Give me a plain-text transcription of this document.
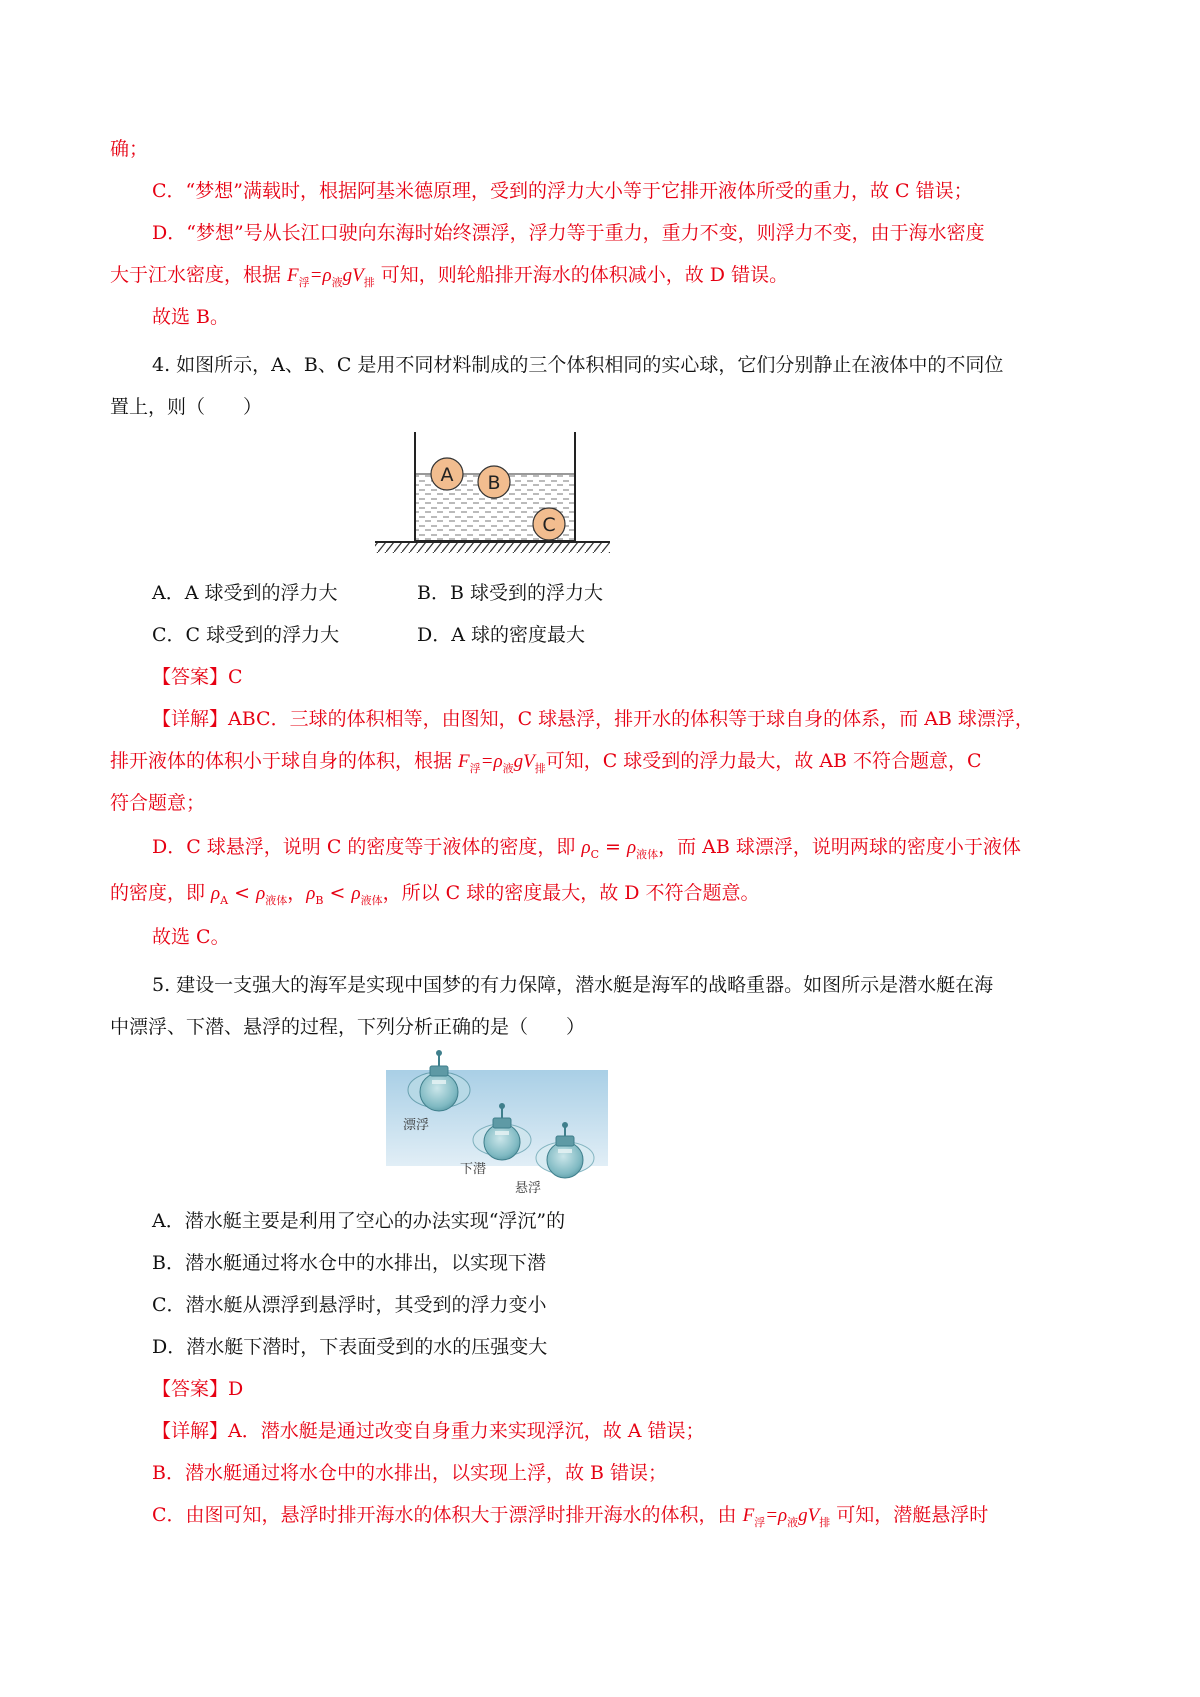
确；
C．“梦想”满载时，根据阿基米德原理，受到的浮力大小等于它排开液体所受的重力，故 C 错误；
D．“梦想”号从长江口驶向东海时始终漂浮，浮力等于重力，重力不变，则浮力不变，由于海水密度
大于江水密度，根据 $F_浮=\rho_液gV_排$ 可知，则轮船排开海水的体积减小，故 D 错误。
故选 B。
4. 如图所示，A、B、C 是用不同材料制成的三个体积相同的实心球，它们分别静止在液体中的不同位
置上，则（　　）
A B
C
A．A 球受到的浮力大	B．B 球受到的浮力大
C．C 球受到的浮力大	D．A 球的密度最大
【答案】C
【详解】ABC．三球的体积相等，由图知，C 球悬浮，排开水的体积等于球自身的体系，而 AB 球漂浮，
排开液体的体积小于球自身的体积，根据 $F_浮=\rho_液gV_排$可知，C 球受到的浮力最大，故 AB 不符合题意，C
符合题意；
D．C 球悬浮，说明 C 的密度等于液体的密度，即 $\rho_C = \rho_{液体}$，而 AB 球漂浮，说明两球的密度小于液体
的密度，即 $\rho_A < \rho_{液体}$，$\rho_B < \rho_{液体}$，所以 C 球的密度最大，故 D 不符合题意。
故选 C。
5. 建设一支强大的海军是实现中国梦的有力保障，潜水艇是海军的战略重器。如图所示是潜水艇在海
中漂浮、下潜、悬浮的过程，下列分析正确的是（　　）
漂浮
下潜
悬浮
A．潜水艇主要是利用了空心的办法实现“浮沉”的
B．潜水艇通过将水仓中的水排出，以实现下潜
C．潜水艇从漂浮到悬浮时，其受到的浮力变小
D．潜水艇下潜时，下表面受到的水的压强变大
【答案】D
【详解】A．潜水艇是通过改变自身重力来实现浮沉，故 A 错误；
B．潜水艇通过将水仓中的水排出，以实现上浮，故 B 错误；
C．由图可知，悬浮时排开海水的体积大于漂浮时排开海水的体积，由 $F_浮=\rho_液gV_排$ 可知，潜艇悬浮时
